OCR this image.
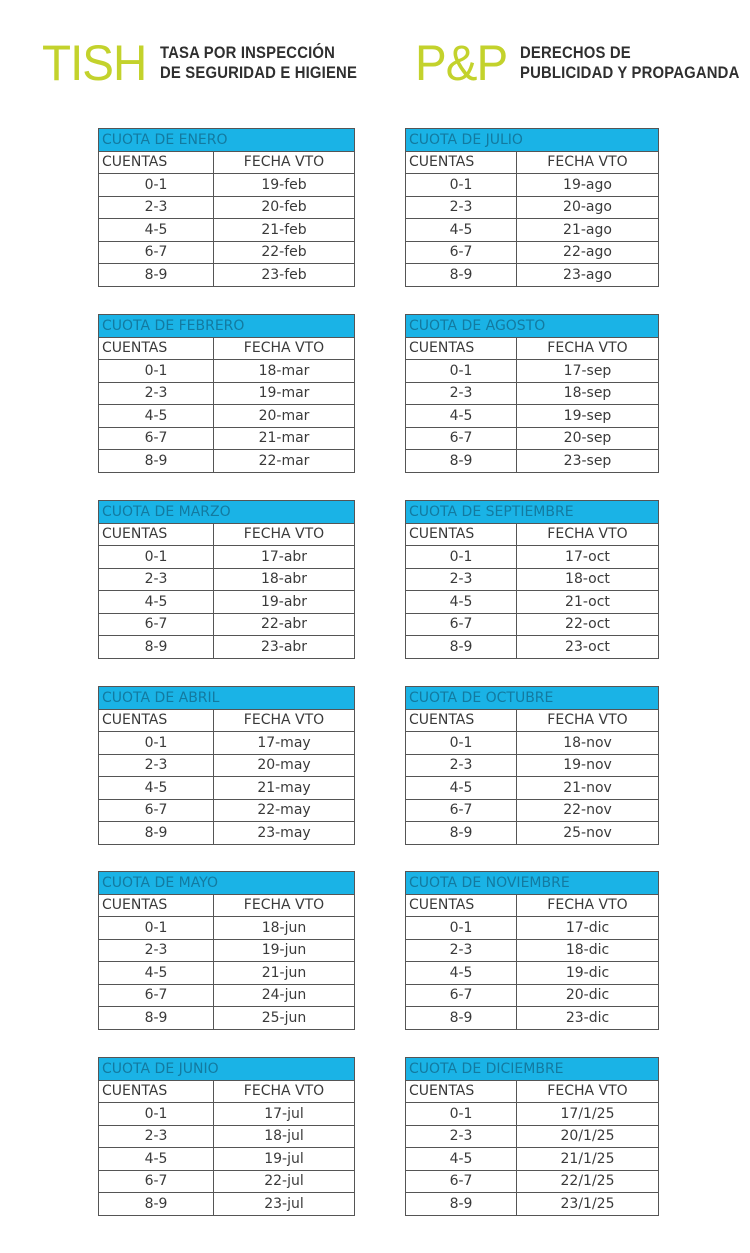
TISH TASA POR INSPECCIÓN
DE SEGURIDAD E HIGIENE P&P DERECHOS DE
PUBLICIDAD Y PROPAGANDA
CUOTA DE ENERO	
CUENTAS	FECHA VTO
0-1	19-feb
2-3	20-feb
4-5	21-feb
6-7	22-feb
8-9	23-feb
CUOTA DE JULIO	
CUENTAS	FECHA VTO
0-1	19-ago
2-3	20-ago
4-5	21-ago
6-7	22-ago
8-9	23-ago
CUOTA DE FEBRERO	
CUENTAS	FECHA VTO
0-1	18-mar
2-3	19-mar
4-5	20-mar
6-7	21-mar
8-9	22-mar
CUOTA DE AGOSTO	
CUENTAS	FECHA VTO
0-1	17-sep
2-3	18-sep
4-5	19-sep
6-7	20-sep
8-9	23-sep
CUOTA DE MARZO	
CUENTAS	FECHA VTO
0-1	17-abr
2-3	18-abr
4-5	19-abr
6-7	22-abr
8-9	23-abr
CUOTA DE SEPTIEMBRE	
CUENTAS	FECHA VTO
0-1	17-oct
2-3	18-oct
4-5	21-oct
6-7	22-oct
8-9	23-oct
CUOTA DE ABRIL	
CUENTAS	FECHA VTO
0-1	17-may
2-3	20-may
4-5	21-may
6-7	22-may
8-9	23-may
CUOTA DE OCTUBRE	
CUENTAS	FECHA VTO
0-1	18-nov
2-3	19-nov
4-5	21-nov
6-7	22-nov
8-9	25-nov
CUOTA DE MAYO	
CUENTAS	FECHA VTO
0-1	18-jun
2-3	19-jun
4-5	21-jun
6-7	24-jun
8-9	25-jun
CUOTA DE NOVIEMBRE	
CUENTAS	FECHA VTO
0-1	17-dic
2-3	18-dic
4-5	19-dic
6-7	20-dic
8-9	23-dic
CUOTA DE JUNIO	
CUENTAS	FECHA VTO
0-1	17-jul
2-3	18-jul
4-5	19-jul
6-7	22-jul
8-9	23-jul
CUOTA DE DICIEMBRE	
CUENTAS	FECHA VTO
0-1	17/1/25
2-3	20/1/25
4-5	21/1/25
6-7	22/1/25
8-9	23/1/25
